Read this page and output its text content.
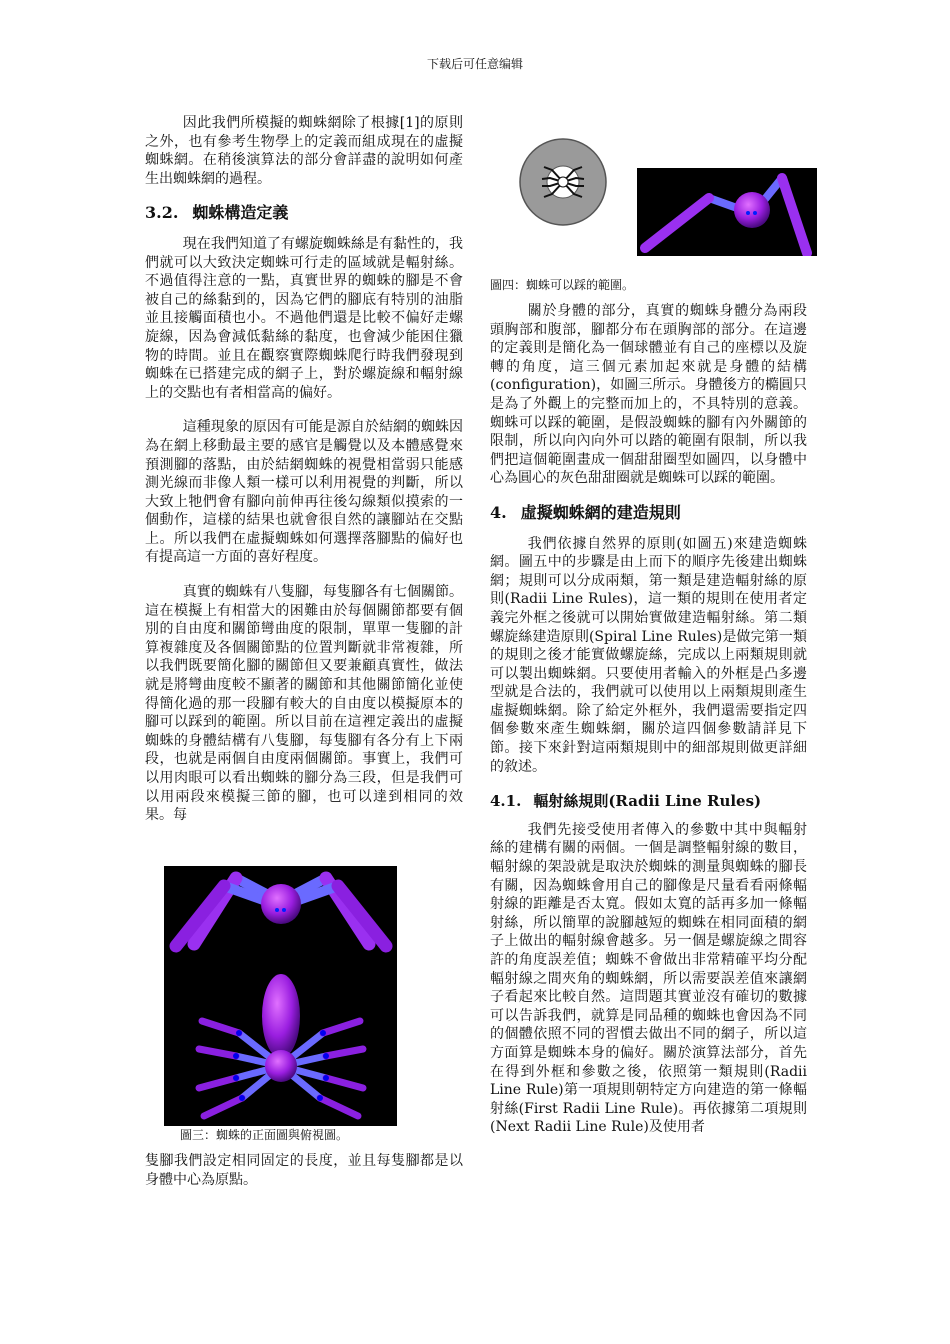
下载后可任意编辑

因此我們所模擬的蜘蛛網除了根據[1]的原則之外，也有參考生物學上的定義而組成現在的虛擬蜘蛛網。在稍後演算法的部分會詳盡的說明如何產生出蜘蛛網的過程。

3.2. 蜘蛛構造定義

現在我們知道了有螺旋蜘蛛絲是有黏性的，我們就可以大致決定蜘蛛可行走的區域就是輻射絲。不過值得注意的一點，真實世界的蜘蛛的腳是不會被自己的絲黏到的，因為它們的腳底有特別的油脂並且接觸面積也小。不過他們還是比較不偏好走螺旋線，因為會減低黏絲的黏度，也會減少能困住獵物的時間。並且在觀察實際蜘蛛爬行時我們發現到蜘蛛在已搭建完成的網子上，對於螺旋線和輻射線上的交點也有者相當高的偏好。

這種現象的原因有可能是源自於結網的蜘蛛因為在網上移動最主要的感官是觸覺以及本體感覺來預測腳的落點，由於結網蜘蛛的視覺相當弱只能感測光線而非像人類一樣可以利用視覺的判斷，所以大致上牠們會有腳向前伸再往後勾線類似摸索的一個動作，這樣的結果也就會很自然的讓腳站在交點上。所以我們在虛擬蜘蛛如何選擇落腳點的偏好也有提高這一方面的喜好程度。

真實的蜘蛛有八隻腳，每隻腳各有七個關節。這在模擬上有相當大的困難由於每個關節都要有個別的自由度和關節彎曲度的限制，單單一隻腳的計算複雜度及各個關節點的位置判斷就非常複雜，所以我們既要簡化腳的關節但又要兼顧真實性，做法就是將彎曲度較不顯著的關節和其他關節簡化並使得簡化過的那一段腳有較大的自由度以模擬原本的腳可以踩到的範圍。所以目前在這裡定義出的虛擬蜘蛛的身體結構有八隻腳，每隻腳有各分有上下兩段，也就是兩個自由度兩個關節。事實上，我們可以用肉眼可以看出蜘蛛的腳分為三段，但是我們可以用兩段來模擬三節的腳，也可以達到相同的效果。每

圖三：蜘蛛的正面圖與俯視圖。

隻腳我們設定相同固定的長度，並且每隻腳都是以身體中心為原點。

圖四：蜘蛛可以踩的範圍。

關於身體的部分，真實的蜘蛛身體分為兩段頭胸部和腹部，腳都分布在頭胸部的部分。在這邊的定義則是簡化為一個球體並有自己的座標以及旋轉的角度，這三個元素加起來就是身體的結構(configuration)，如圖三所示。身體後方的橢圓只是為了外觀上的完整而加上的，不具特別的意義。蜘蛛可以踩的範圍，是假設蜘蛛的腳有內外關節的限制，所以向內向外可以踏的範圍有限制，所以我們把這個範圍畫成一個甜甜圈型如圖四，以身體中心為圓心的灰色甜甜圈就是蜘蛛可以踩的範圍。

4. 虛擬蜘蛛網的建造規則

我們依據自然界的原則(如圖五)來建造蜘蛛網。圖五中的步驟是由上而下的順序先後建出蜘蛛網；規則可以分成兩類，第一類是建造輻射絲的原則(Radii Line Rules)，這一類的規則在使用者定義完外框之後就可以開始實做建造輻射絲。第二類螺旋絲建造原則(Spiral Line Rules)是做完第一類的規則之後才能實做螺旋絲，完成以上兩類規則就可以製出蜘蛛網。只要使用者輸入的外框是凸多邊型就是合法的，我們就可以使用以上兩類規則產生虛擬蜘蛛網。除了給定外框外，我們還需要指定四個參數來產生蜘蛛網，關於這四個參數請詳見下節。接下來針對這兩類規則中的細部規則做更詳細的敘述。

4.1. 輻射絲規則(Radii Line Rules)

我們先接受使用者傳入的參數中其中與輻射絲的建構有關的兩個。一個是調整輻射線的數目，輻射線的架設就是取決於蜘蛛的測量與蜘蛛的腳長有關，因為蜘蛛會用自己的腳像是尺量看看兩條輻射線的距離是否太寬。假如太寬的話再多加一條輻射絲，所以簡單的說腳越短的蜘蛛在相同面積的網子上做出的輻射線會越多。另一個是螺旋線之間容許的角度誤差值；蜘蛛不會做出非常精確平均分配輻射線之間夾角的蜘蛛網，所以需要誤差值來讓網子看起來比較自然。這問題其實並沒有確切的數據可以告訴我們，就算是同品種的蜘蛛也會因為不同的個體依照不同的習慣去做出不同的網子，所以這方面算是蜘蛛本身的偏好。關於演算法部分，首先在得到外框和參數之後，依照第一類規則(Radii Line Rule)第一項規則朝特定方向建造的第一條輻射絲(First Radii Line Rule)。再依據第二項規則(Next Radii Line Rule)及使用者
